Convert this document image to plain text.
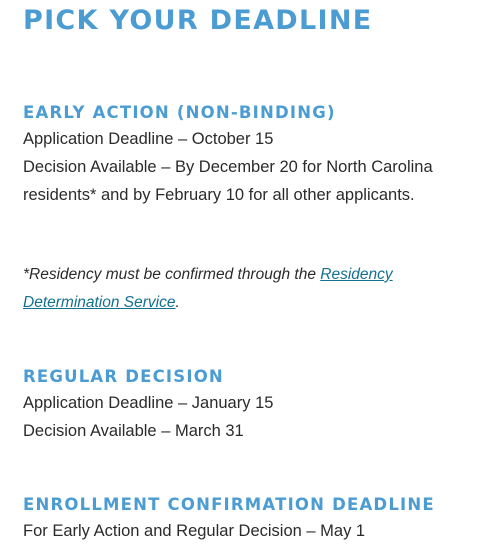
PICK YOUR DEADLINE
EARLY ACTION (NON-BINDING)

Application Deadline – October 15

Decision Available – By December 20 for North Carolina residents* and by February 10 for all other applicants.

*Residency must be confirmed through the Residency Determination Service.

REGULAR DECISION

Application Deadline – January 15

Decision Available – March 31

ENROLLMENT CONFIRMATION DEADLINE

For Early Action and Regular Decision – May 1
